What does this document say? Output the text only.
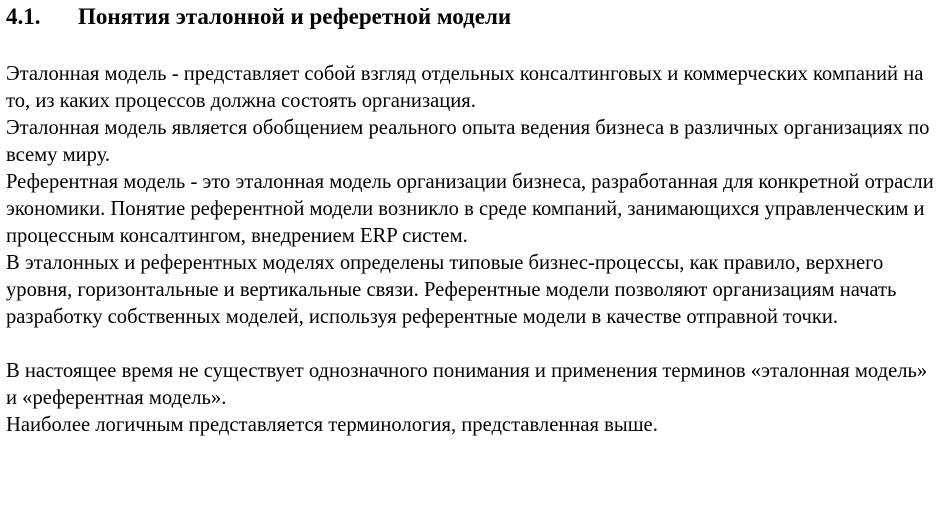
4.1.	Понятия эталонной и реферетной модели

Эталонная модель - представляет собой взгляд отдельных консалтинговых и коммерческих компаний на то, из каких процессов должна состоять организация.

Эталонная модель является обобщением реального опыта ведения бизнеса в различных организациях по всему миру.

Референтная модель - это эталонная модель организации бизнеса, разработанная для конкретной отрасли экономики. Понятие референтной модели возникло в среде компаний, занимающихся управленческим и процессным консалтингом, внедрением ERP систем.

В эталонных и референтных моделях определены типовые бизнес-процессы, как правило, верхнего уровня, горизонтальные и вертикальные связи. Референтные модели позволяют организациям начать разработку собственных моделей, используя референтные модели в качестве отправной точки.

В настоящее время не существует однозначного понимания и применения терминов «эталонная модель» и «референтная модель».

Наиболее логичным представляется терминология, представленная выше.
